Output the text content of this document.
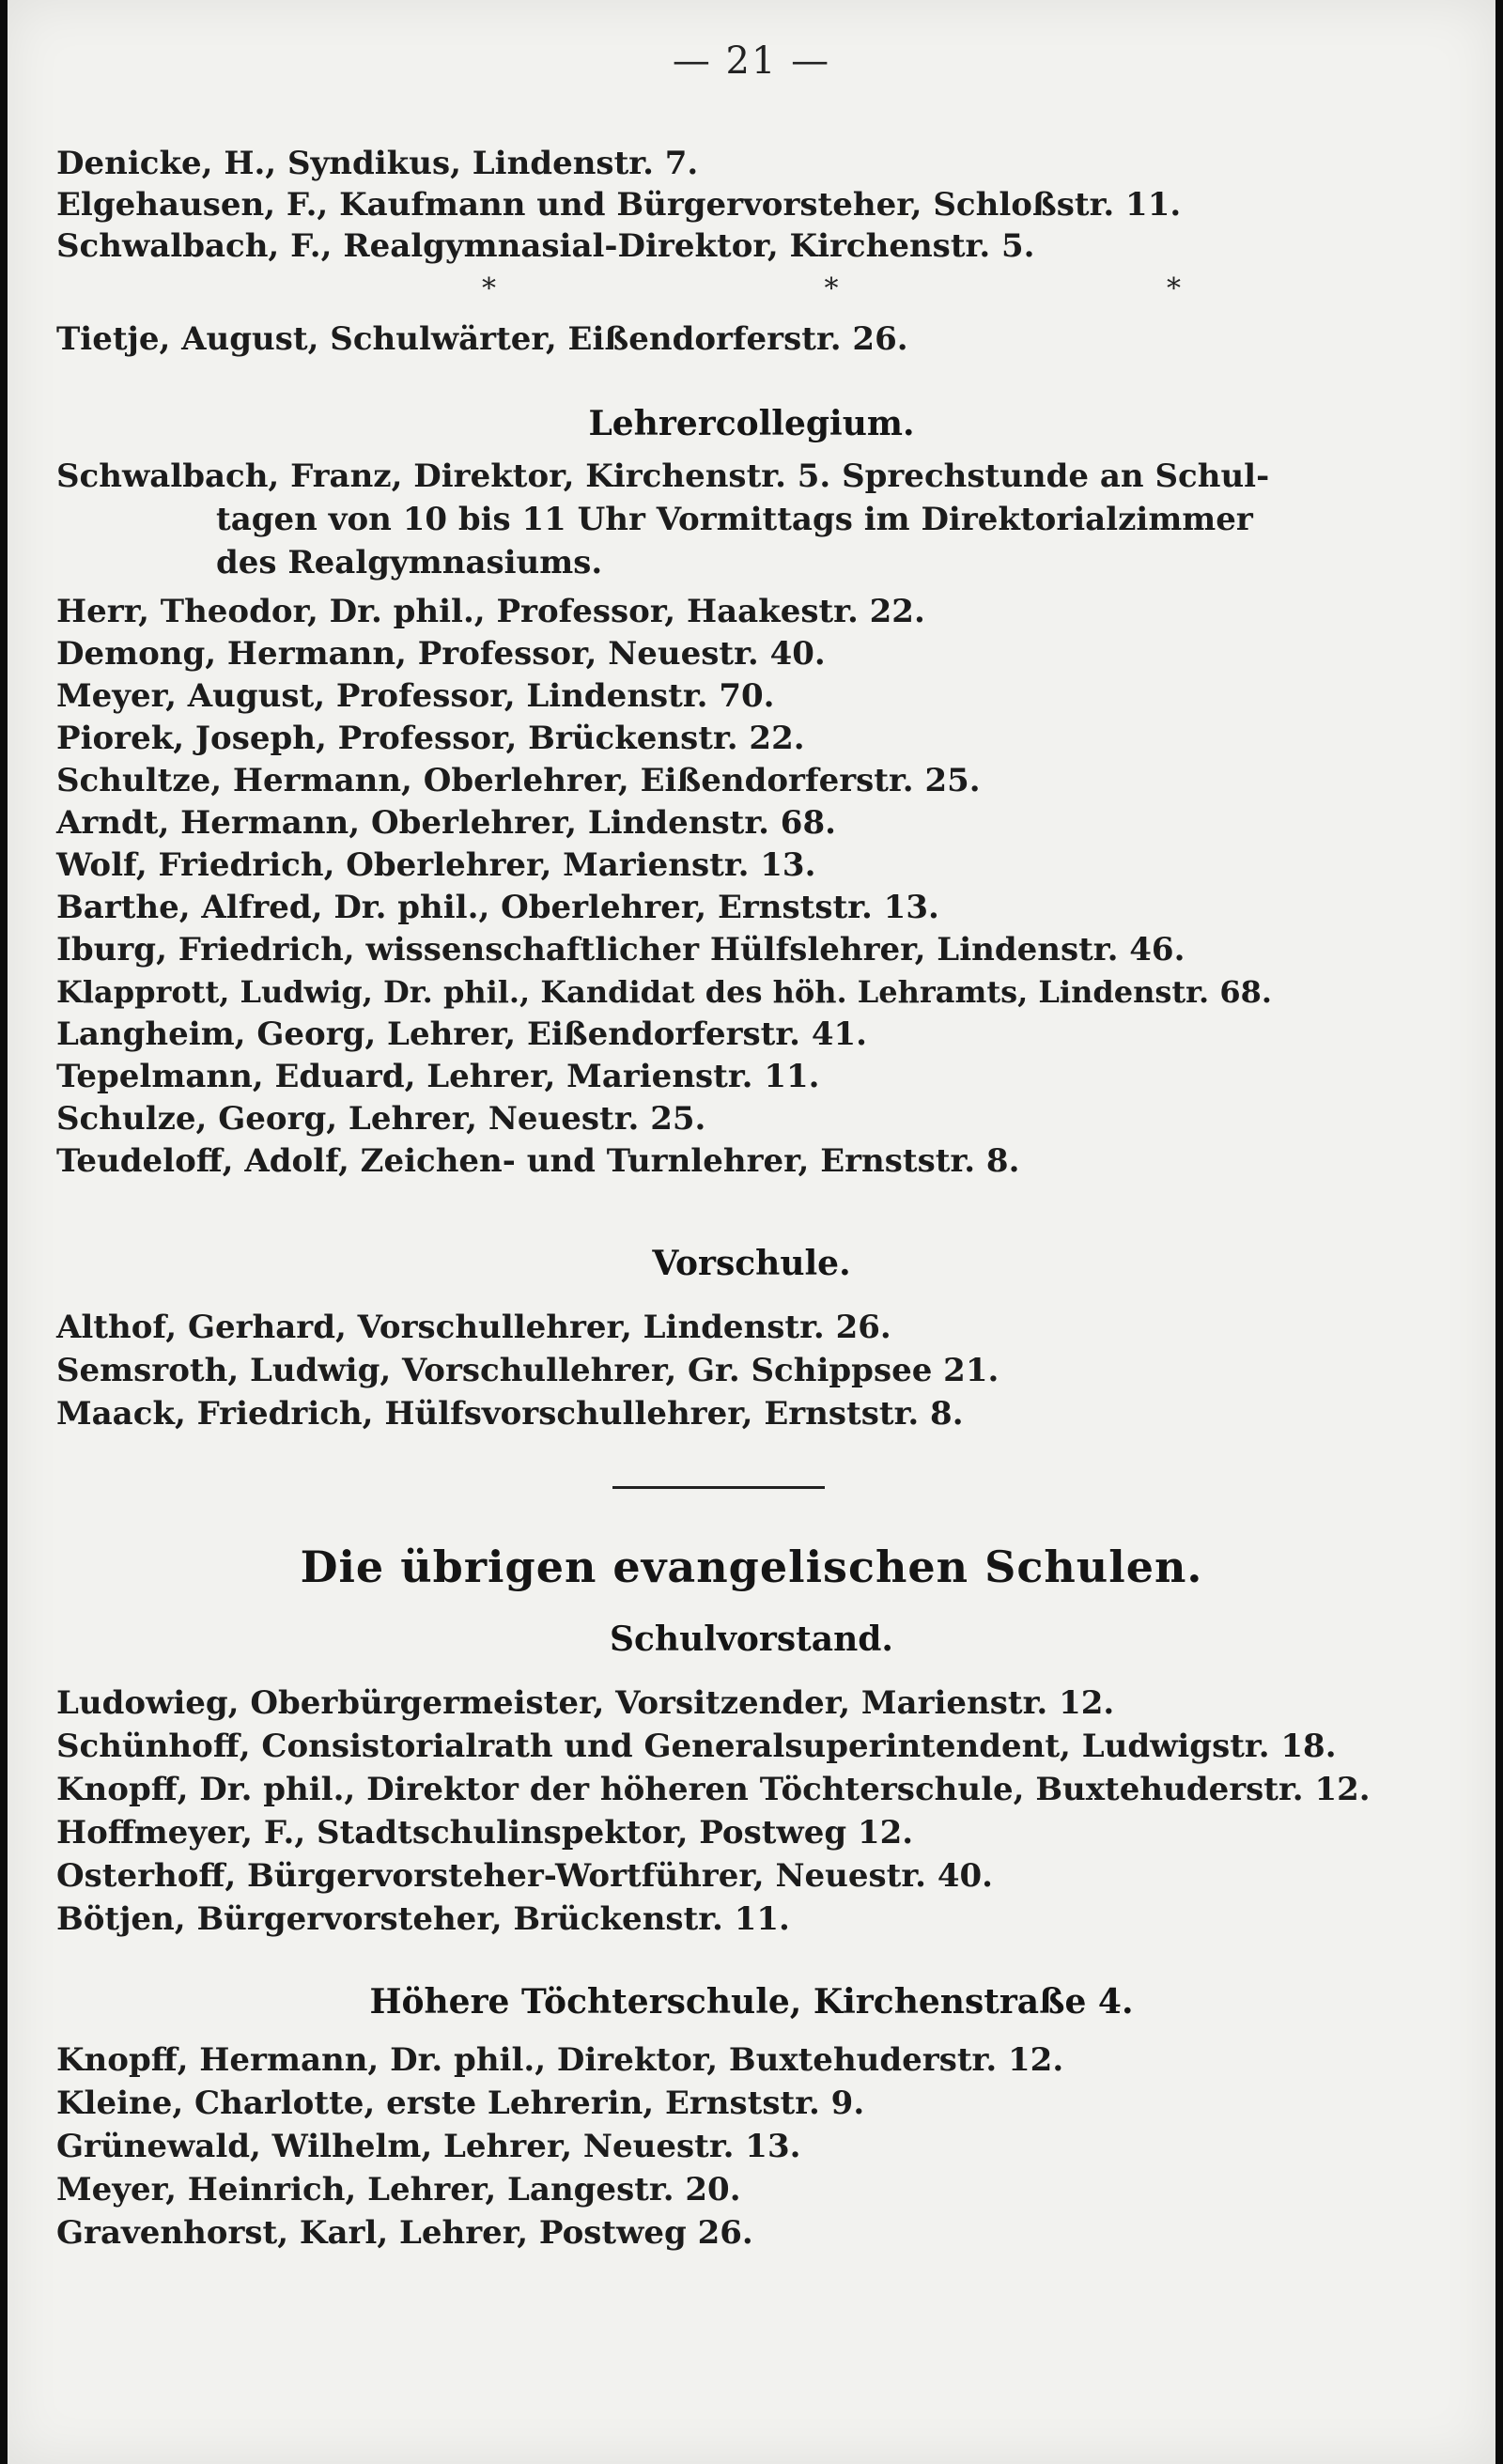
— 21 —
Denicke, H., Syndikus, Lindenstr. 7.
Elgehausen, F., Kaufmann und Bürgervorsteher, Schloßstr. 11.
Schwalbach, F., Realgymnasial-Direktor, Kirchenstr. 5.
* * *
Tietje, August, Schulwärter, Eißendorferstr. 26.
Lehrercollegium.
Schwalbach, Franz, Direktor, Kirchenstr. 5. Sprechstunde an Schul-
tagen von 10 bis 11 Uhr Vormittags im Direktorialzimmer
des Realgymnasiums.
Herr, Theodor, Dr. phil., Professor, Haakestr. 22.
Demong, Hermann, Professor, Neuestr. 40.
Meyer, August, Professor, Lindenstr. 70.
Piorek, Joseph, Professor, Brückenstr. 22.
Schultze, Hermann, Oberlehrer, Eißendorferstr. 25.
Arndt, Hermann, Oberlehrer, Lindenstr. 68.
Wolf, Friedrich, Oberlehrer, Marienstr. 13.
Barthe, Alfred, Dr. phil., Oberlehrer, Ernststr. 13.
Iburg, Friedrich, wissenschaftlicher Hülfslehrer, Lindenstr. 46.
Klapprott, Ludwig, Dr. phil., Kandidat des höh. Lehramts, Lindenstr. 68.
Langheim, Georg, Lehrer, Eißendorferstr. 41.
Tepelmann, Eduard, Lehrer, Marienstr. 11.
Schulze, Georg, Lehrer, Neuestr. 25.
Teudeloff, Adolf, Zeichen- und Turnlehrer, Ernststr. 8.
Vorschule.
Althof, Gerhard, Vorschullehrer, Lindenstr. 26.
Semsroth, Ludwig, Vorschullehrer, Gr. Schippsee 21.
Maack, Friedrich, Hülfsvorschullehrer, Ernststr. 8.
Die übrigen evangelischen Schulen.
Schulvorstand.
Ludowieg, Oberbürgermeister, Vorsitzender, Marienstr. 12.
Schünhoff, Consistorialrath und Generalsuperintendent, Ludwigstr. 18.
Knopff, Dr. phil., Direktor der höheren Töchterschule, Buxtehuderstr. 12.
Hoffmeyer, F., Stadtschulinspektor, Postweg 12.
Osterhoff, Bürgervorsteher-Wortführer, Neuestr. 40.
Bötjen, Bürgervorsteher, Brückenstr. 11.
Höhere Töchterschule, Kirchenstraße 4.
Knopff, Hermann, Dr. phil., Direktor, Buxtehuderstr. 12.
Kleine, Charlotte, erste Lehrerin, Ernststr. 9.
Grünewald, Wilhelm, Lehrer, Neuestr. 13.
Meyer, Heinrich, Lehrer, Langestr. 20.
Gravenhorst, Karl, Lehrer, Postweg 26.
